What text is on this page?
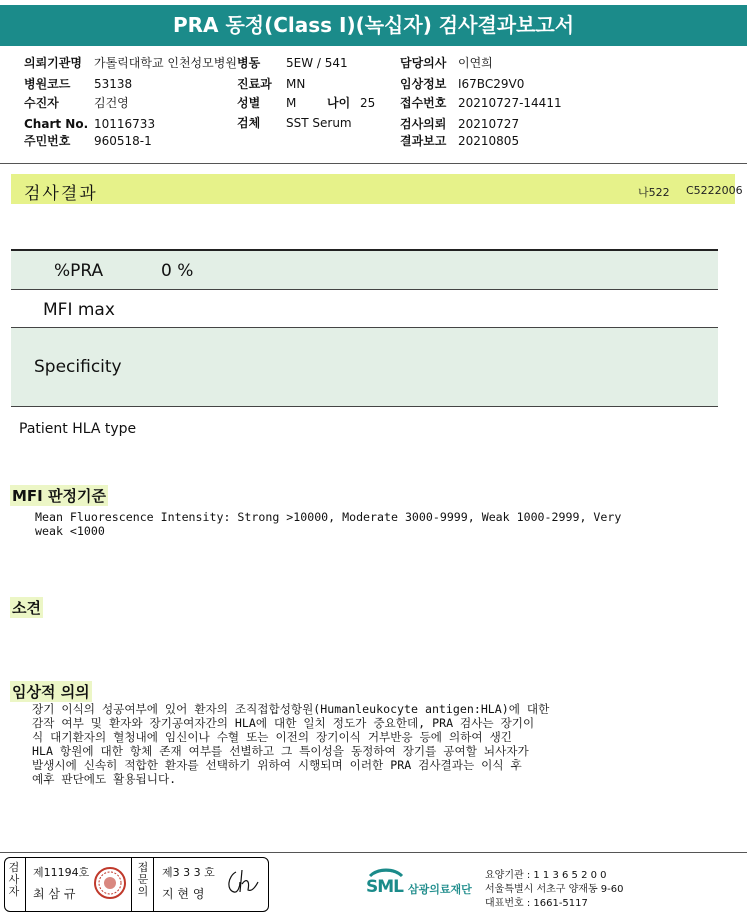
PRA 동정(Class I)(녹십자) 검사결과보고서
의뢰기관명 가톨릭대학교 인천성모병원
병원코드 53138
수진자	김건영
Chart No. 10116733
주민번호 960518-1
병동 5EW / 541
진료과 MN
성별 M	나이 25
검체 SST Serum
담당의사 이연희
임상정보 I67BC29V0
접수번호 20210727-14411
검사의뢰 20210727
결과보고 20210805
검사결과	나522 C5222006
%PRA	0 %
MFI max
Specificity
Patient HLA type
MFI 판정기준
Mean Fluorescence Intensity: Strong >10000, Moderate 3000-9999, Weak 1000-2999, Very
weak <1000
소견
임상적 의의
장기 이식의 성공여부에 있어 환자의 조직접합성항원(Humanleukocyte antigen:HLA)에 대한
감작 여부 및 환자와 장기공여자간의 HLA에 대한 일치 정도가 중요한데, PRA 검사는 장기이
식 대기환자의 혈청내에 임신이나 수혈 또는 이전의 장기이식 거부반응 등에 의하여 생긴
HLA 항원에 대한 항체 존재 여부를 선별하고 그 특이성을 동정하여 장기를 공여할 뇌사자가
발생시에 신속히 적합한 환자를 선택하기 위하여 시행되며 이러한 PRA 검사결과는 이식 후
예후 판단에도 활용됩니다.
검
사
자
제11194호
최 삼 규
접
문
의
제3 3 3 호
지 현 영	SML 삼광의료재단
요양기관 : 1 1 3 6 5 2 0 0
서울특별시 서초구 양재동 9-60
대표번호 : 1661-5117
